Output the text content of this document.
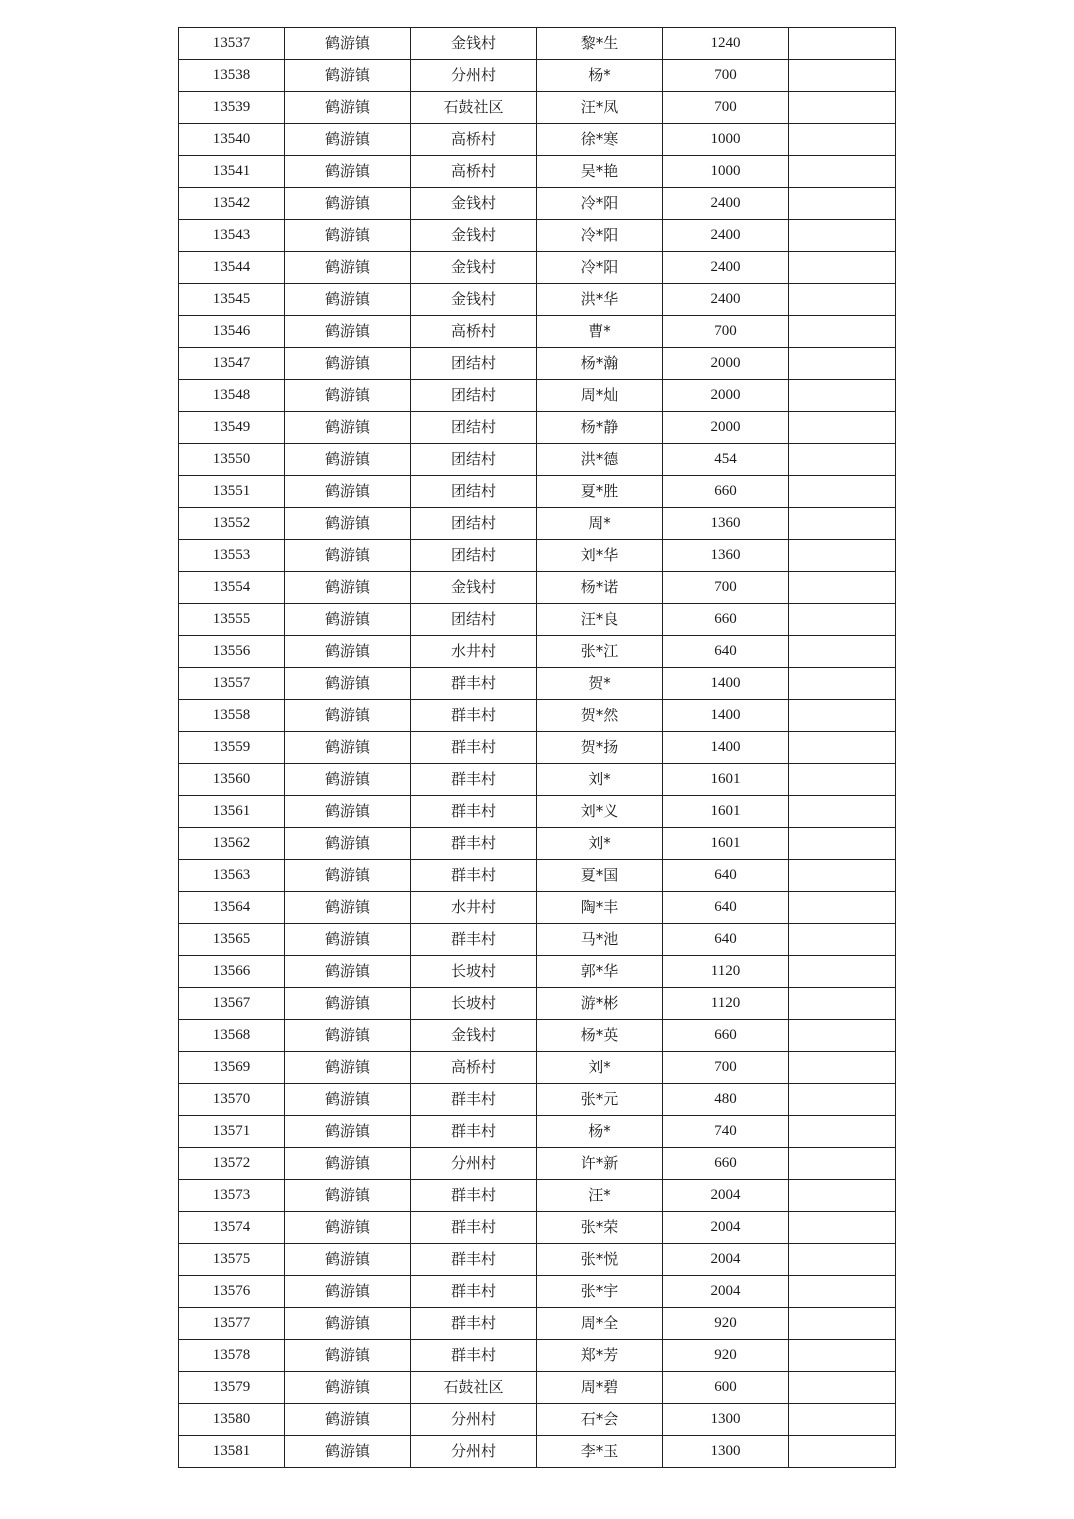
13537	鹤游镇	金钱村	黎*生	1240	
13538	鹤游镇	分州村	杨*	700	
13539	鹤游镇	石鼓社区	汪*凤	700	
13540	鹤游镇	高桥村	徐*寒	1000	
13541	鹤游镇	高桥村	吴*艳	1000	
13542	鹤游镇	金钱村	冷*阳	2400	
13543	鹤游镇	金钱村	冷*阳	2400	
13544	鹤游镇	金钱村	冷*阳	2400	
13545	鹤游镇	金钱村	洪*华	2400	
13546	鹤游镇	高桥村	曹*	700	
13547	鹤游镇	团结村	杨*瀚	2000	
13548	鹤游镇	团结村	周*灿	2000	
13549	鹤游镇	团结村	杨*静	2000	
13550	鹤游镇	团结村	洪*德	454	
13551	鹤游镇	团结村	夏*胜	660	
13552	鹤游镇	团结村	周*	1360	
13553	鹤游镇	团结村	刘*华	1360	
13554	鹤游镇	金钱村	杨*诺	700	
13555	鹤游镇	团结村	汪*良	660	
13556	鹤游镇	水井村	张*江	640	
13557	鹤游镇	群丰村	贺*	1400	
13558	鹤游镇	群丰村	贺*然	1400	
13559	鹤游镇	群丰村	贺*扬	1400	
13560	鹤游镇	群丰村	刘*	1601	
13561	鹤游镇	群丰村	刘*义	1601	
13562	鹤游镇	群丰村	刘*	1601	
13563	鹤游镇	群丰村	夏*国	640	
13564	鹤游镇	水井村	陶*丰	640	
13565	鹤游镇	群丰村	马*池	640	
13566	鹤游镇	长坡村	郭*华	1120	
13567	鹤游镇	长坡村	游*彬	1120	
13568	鹤游镇	金钱村	杨*英	660	
13569	鹤游镇	高桥村	刘*	700	
13570	鹤游镇	群丰村	张*元	480	
13571	鹤游镇	群丰村	杨*	740	
13572	鹤游镇	分州村	许*新	660	
13573	鹤游镇	群丰村	汪*	2004	
13574	鹤游镇	群丰村	张*荣	2004	
13575	鹤游镇	群丰村	张*悦	2004	
13576	鹤游镇	群丰村	张*宇	2004	
13577	鹤游镇	群丰村	周*全	920	
13578	鹤游镇	群丰村	郑*芳	920	
13579	鹤游镇	石鼓社区	周*碧	600	
13580	鹤游镇	分州村	石*会	1300	
13581	鹤游镇	分州村	李*玉	1300	
